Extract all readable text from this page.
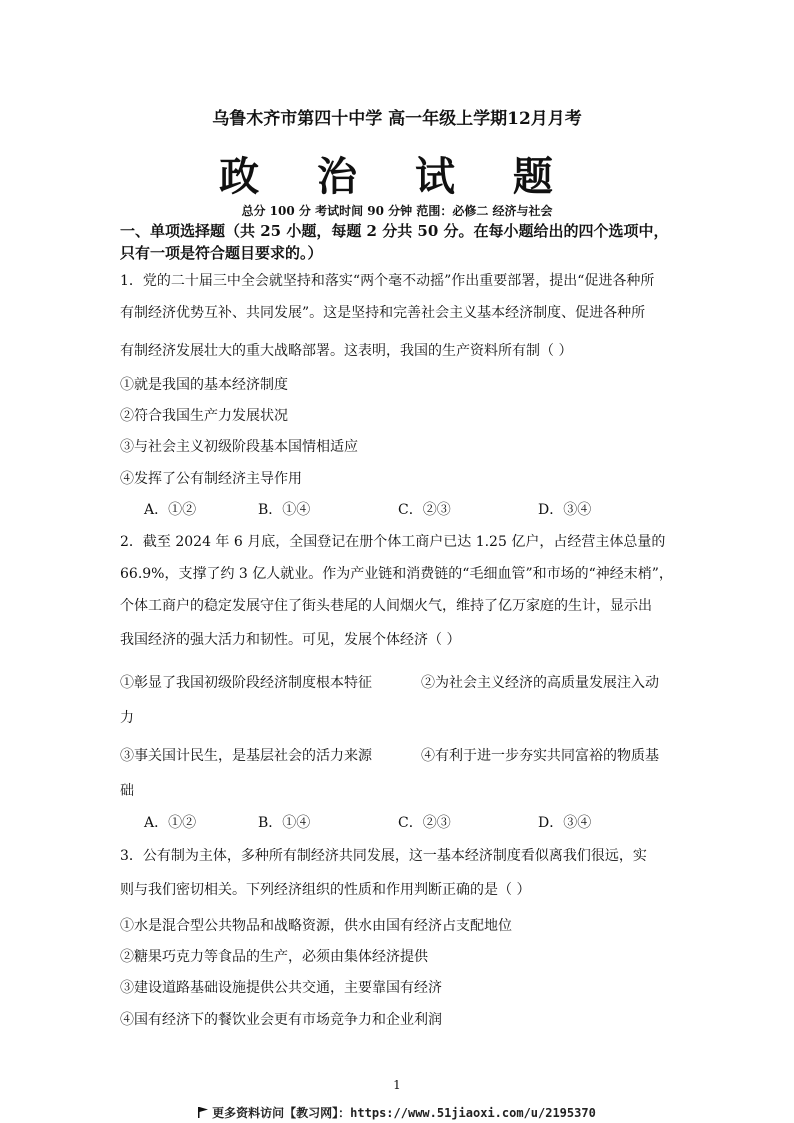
乌鲁木齐市第四十中学 高一年级上学期12月月考
政 治 试 题
总分 100 分 考试时间 90 分钟 范围：必修二 经济与社会
一、单项选择题（共 25 小题，每题 2 分共 50 分。在每小题给出的四个选项中，
只有一项是符合题目要求的。）
1．党的二十届三中全会就坚持和落实“两个毫不动摇”作出重要部署，提出“促进各种所
有制经济优势互补、共同发展”。这是坚持和完善社会主义基本经济制度、促进各种所
有制经济发展壮大的重大战略部署。这表明，我国的生产资料所有制（ ）
①就是我国的基本经济制度
②符合我国生产力发展状况
③与社会主义初级阶段基本国情相适应
④发挥了公有制经济主导作用
A．①②	B．①④	C．②③	D．③④
2．截至 2024 年 6 月底，全国登记在册个体工商户已达 1.25 亿户，占经营主体总量的
66.9%，支撑了约 3 亿人就业。作为产业链和消费链的“毛细血管”和市场的“神经末梢”，
个体工商户的稳定发展守住了街头巷尾的人间烟火气，维持了亿万家庭的生计，显示出
我国经济的强大活力和韧性。可见，发展个体经济（ ）
①彰显了我国初级阶段经济制度根本特征	②为社会主义经济的高质量发展注入动
力
③事关国计民生，是基层社会的活力来源	④有利于进一步夯实共同富裕的物质基
础
A．①②	B．①④	C．②③	D．③④
3．公有制为主体，多种所有制经济共同发展，这一基本经济制度看似离我们很远，实
则与我们密切相关。下列经济组织的性质和作用判断正确的是（ ）
①水是混合型公共物品和战略资源，供水由国有经济占支配地位
②糖果巧克力等食品的生产，必须由集体经济提供
③建设道路基础设施提供公共交通，主要靠国有经济
④国有经济下的餐饮业会更有市场竞争力和企业利润
1
更多资料访问【教习网】：https://www.51jiaoxi.com/u/2195370
